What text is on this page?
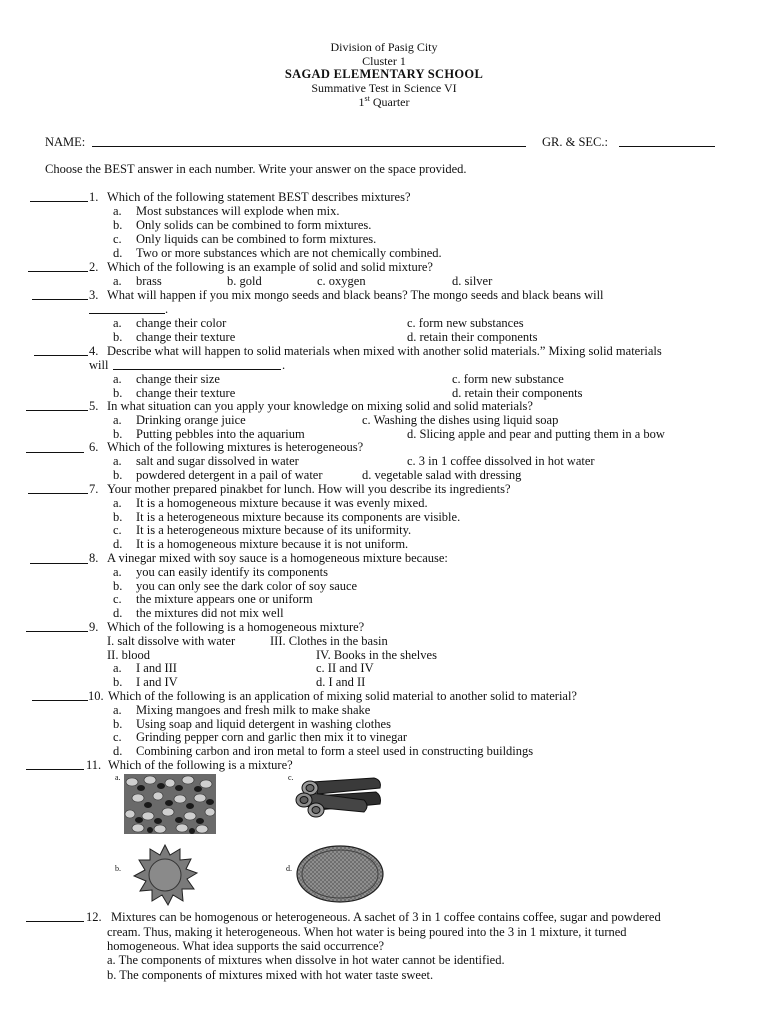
Division of Pasig City
Cluster 1
SAGAD ELEMENTARY SCHOOL
Summative Test in Science VI
1st Quarter
NAME:	GR. & SEC.:
Choose the BEST answer in each number. Write your answer on the space provided.
1. Which of the following statement BEST describes mixtures?
a. Most substances will explode when mix.
b. Only solids can be combined to form mixtures.
c. Only liquids can be combined to form mixtures.
d. Two or more substances which are not chemically combined.
2. Which of the following is an example of solid and solid mixture?
a. brass	b. gold	c. oxygen	d. silver
3. What will happen if you mix mongo seeds and black beans? The mongo seeds and black beans will
.
a. change their color	c. form new substances
b. change their texture	d. retain their components
4. Describe what will happen to solid materials when mixed with another solid materials.” Mixing solid materials
will	.
a. change their size	c. form new substance
b. change their texture	d. retain their components
5. In what situation can you apply your knowledge on mixing solid and solid materials?
a. Drinking orange juice	c. Washing the dishes using liquid soap
b. Putting pebbles into the aquarium	d. Slicing apple and pear and putting them in a bow
6. Which of the following mixtures is heterogeneous?
a. salt and sugar dissolved in water	c. 3 in 1 coffee dissolved in hot water
b. powdered detergent in a pail of water	d. vegetable salad with dressing
7. Your mother prepared pinakbet for lunch. How will you describe its ingredients?
a. It is a homogeneous mixture because it was evenly mixed.
b. It is a heterogeneous mixture because its components are visible.
c. It is a heterogeneous mixture because of its uniformity.
d. It is a homogeneous mixture because it is not uniform.
8. A vinegar mixed with soy sauce is a homogeneous mixture because:
a. you can easily identify its components
b. you can only see the dark color of soy sauce
c. the mixture appears one or uniform
d. the mixtures did not mix well
9. Which of the following is a homogeneous mixture?
I. salt dissolve with water	III. Clothes in the basin
II. blood	IV. Books in the shelves
a. I and III	c. II and IV
b. I and IV	d. I and II
10. Which of the following is an application of mixing solid material to another solid to material?
a. Mixing mangoes and fresh milk to make shake
b. Using soap and liquid detergent in washing clothes
c. Grinding pepper corn and garlic then mix it to vinegar
d. Combining carbon and iron metal to form a steel used in constructing buildings
11. Which of the following is a mixture?
a.	c.
b.	d.
12. Mixtures can be homogenous or heterogeneous. A sachet of 3 in 1 coffee contains coffee, sugar and powdered
cream. Thus, making it heterogeneous. When hot water is being poured into the 3 in 1 mixture, it turned
homogeneous. What idea supports the said occurrence?
a. The components of mixtures when dissolve in hot water cannot be identified.
b. The components of mixtures mixed with hot water taste sweet.
